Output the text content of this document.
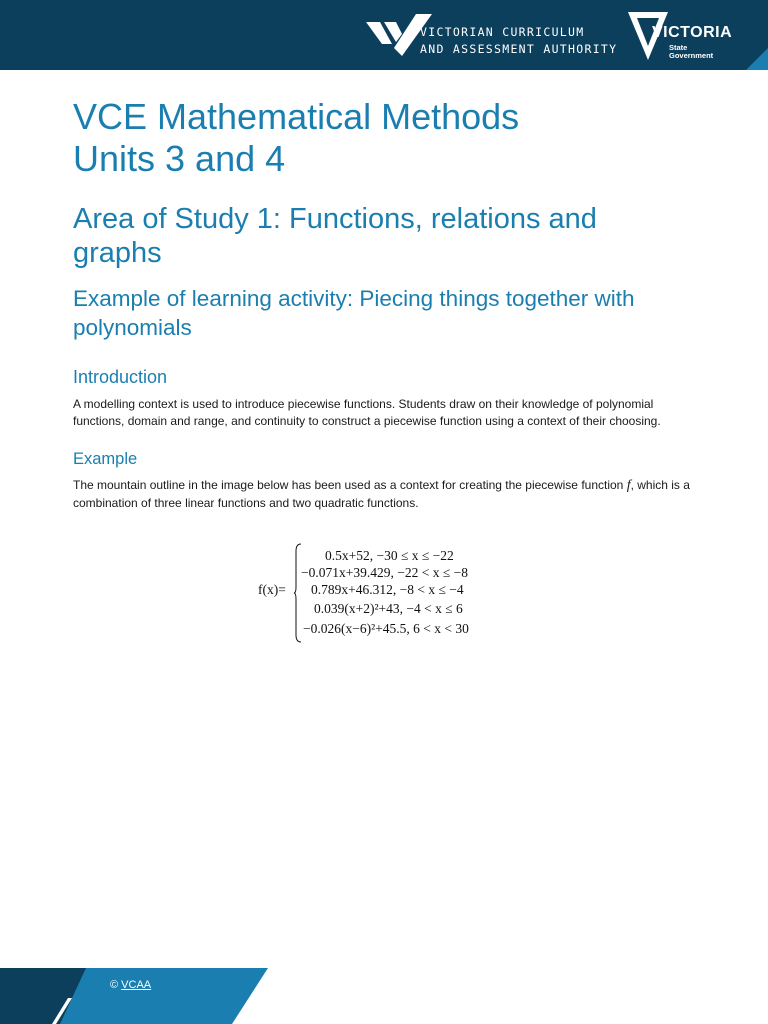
VICTORIAN CURRICULUM
AND ASSESSMENT AUTHORITY
VICTORIA
State
Government
VCE Mathematical Methods
Units 3 and 4
Area of Study 1: Functions, relations and graphs
Example of learning activity: Piecing things together with polynomials
Introduction

A modelling context is used to introduce piecewise functions. Students draw on their knowledge of polynomial functions, domain and range, and continuity to construct a piecewise function using a context of their choosing.

Example

The mountain outline in the image below has been used as a context for creating the piecewise function f, which is a combination of three linear functions and two quadratic functions.

f(x)=
0.5x+52, −30 ≤ x ≤ −22
−0.071x+39.429, −22 < x ≤ −8
0.789x+46.312, −8 < x ≤ −4
0.039(x+2)²+43, −4 < x ≤ 6
−0.026(x−6)²+45.5, 6 < x < 30
© VCAA
